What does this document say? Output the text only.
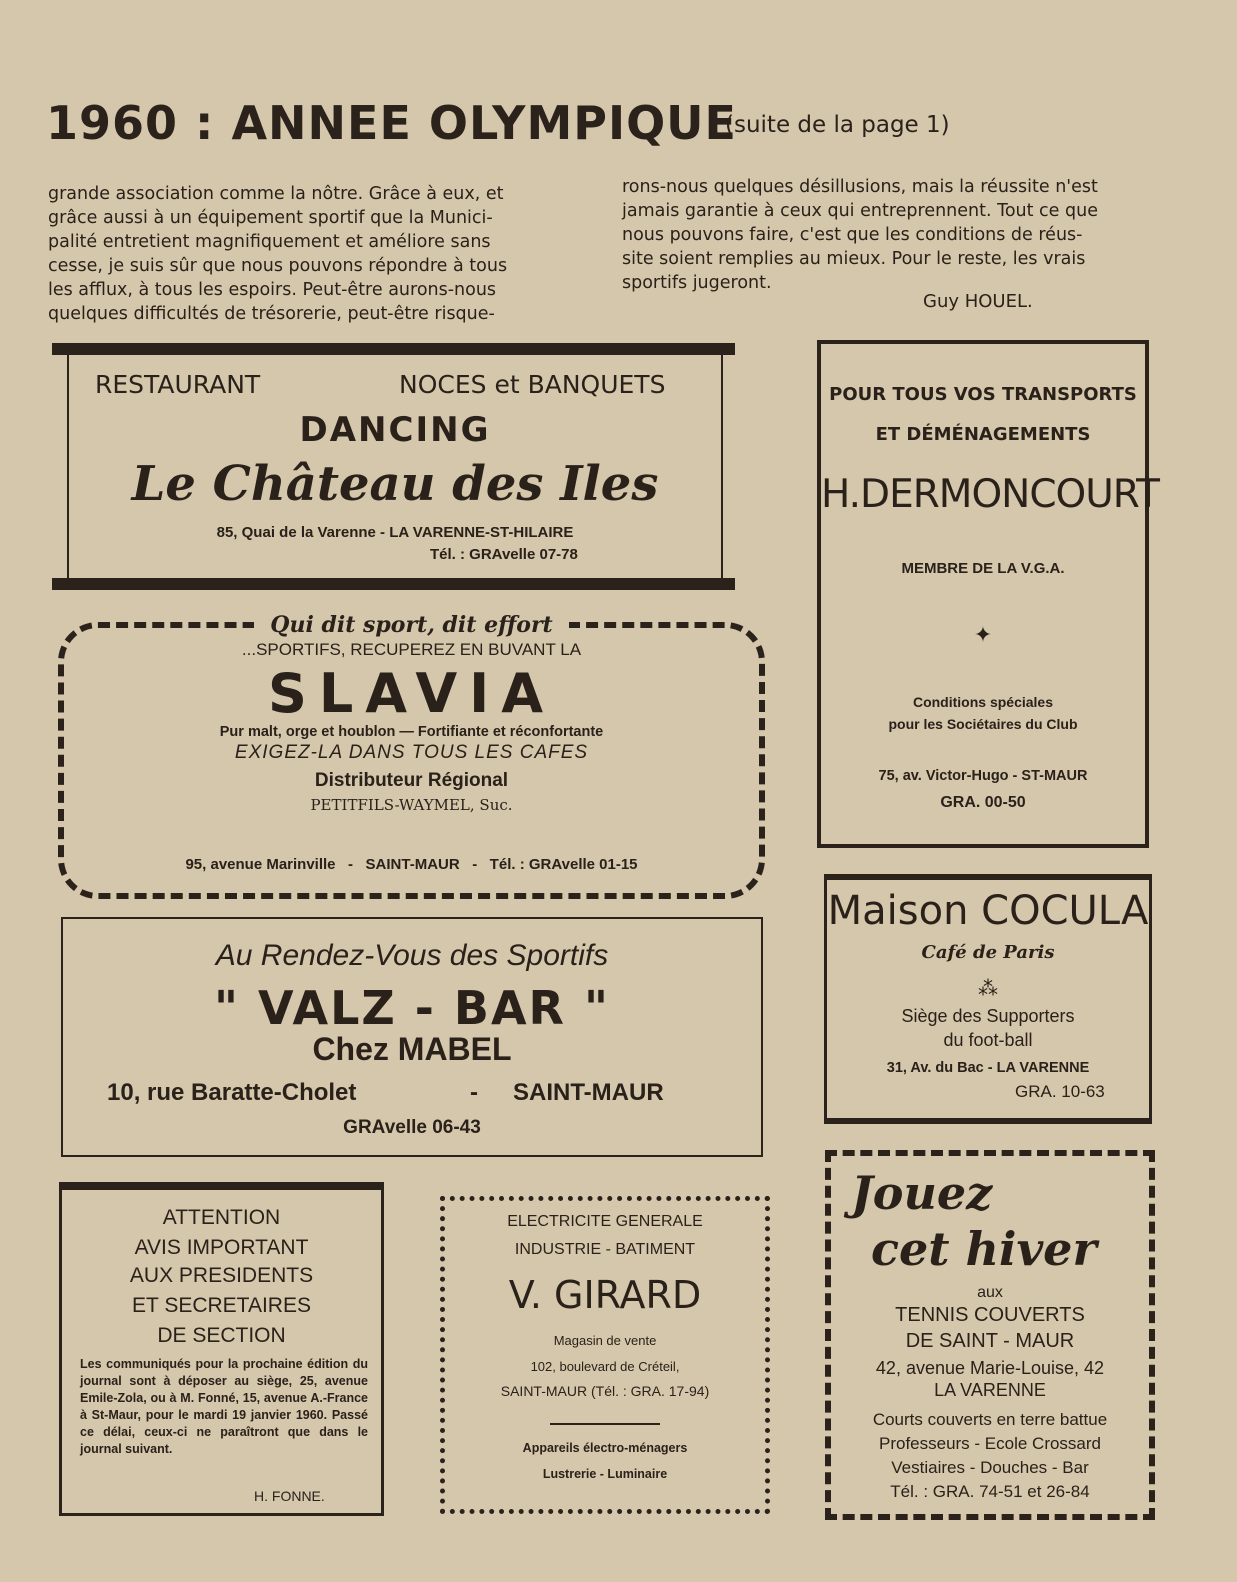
1960 : ANNEE OLYMPIQUE
(suite de la page 1)
grande association comme la nôtre. Grâce à eux, et
grâce aussi à un équipement sportif que la Munici-
palité entretient magnifiquement et améliore sans
cesse, je suis sûr que nous pouvons répondre à tous
les afflux, à tous les espoirs. Peut-être aurons-nous
quelques difficultés de trésorerie, peut-être risque-
rons-nous quelques désillusions, mais la réussite n'est
jamais garantie à ceux qui entreprennent. Tout ce que
nous pouvons faire, c'est que les conditions de réus-
site soient remplies au mieux. Pour le reste, les vrais
sportifs jugeront.
Guy HOUEL.
RESTAURANT	NOCES et BANQUETS
DANCING
Le Château des Iles
85, Quai de la Varenne - LA VARENNE-ST-HILAIRE
Tél. : GRAvelle 07-78
Qui dit sport, dit effort
...SPORTIFS, RECUPEREZ EN BUVANT LA
SLAVIA
Pur malt, orge et houblon — Fortifiante et réconfortante
EXIGEZ-LA DANS TOUS LES CAFES
Distributeur Régional
PETITFILS-WAYMEL, Suc.
95, avenue Marinville   -   SAINT-MAUR   -   Tél. : GRAvelle 01-15
Au Rendez-Vous des Sportifs
" VALZ - BAR "
Chez MABEL
10, rue Baratte-Cholet	- SAINT-MAUR
GRAvelle 06-43
POUR TOUS VOS TRANSPORTS
ET DÉMÉNAGEMENTS
H.DERMONCOURT
MEMBRE DE LA V.G.A.
✦
Conditions spéciales
pour les Sociétaires du Club
75, av. Victor-Hugo - ST-MAUR
GRA. 00-50
Maison COCULA
Café de Paris
⁂
Siège des Supporters
du foot-ball
31, Av. du Bac - LA VARENNE
GRA. 10-63
ATTENTION
AVIS IMPORTANT
AUX PRESIDENTS
ET SECRETAIRES
DE SECTION
Les communiqués pour la prochaine édition du journal sont à déposer au siège, 25, avenue Emile-Zola, ou à M. Fonné, 15, avenue A.-France à St-Maur, pour le mardi 19 janvier 1960. Passé ce délai, ceux-ci ne paraîtront que dans le journal suivant.
H. FONNE.
ELECTRICITE GENERALE
INDUSTRIE - BATIMENT
V. GIRARD
Magasin de vente
102, boulevard de Créteil,
SAINT-MAUR (Tél. : GRA. 17-94)
Appareils électro-ménagers
Lustrerie - Luminaire
Jouez
cet hiver
aux
TENNIS COUVERTS
DE SAINT - MAUR
42, avenue Marie-Louise, 42
LA VARENNE
Courts couverts en terre battue
Professeurs - Ecole Crossard
Vestiaires - Douches - Bar
Tél. : GRA. 74-51 et 26-84
